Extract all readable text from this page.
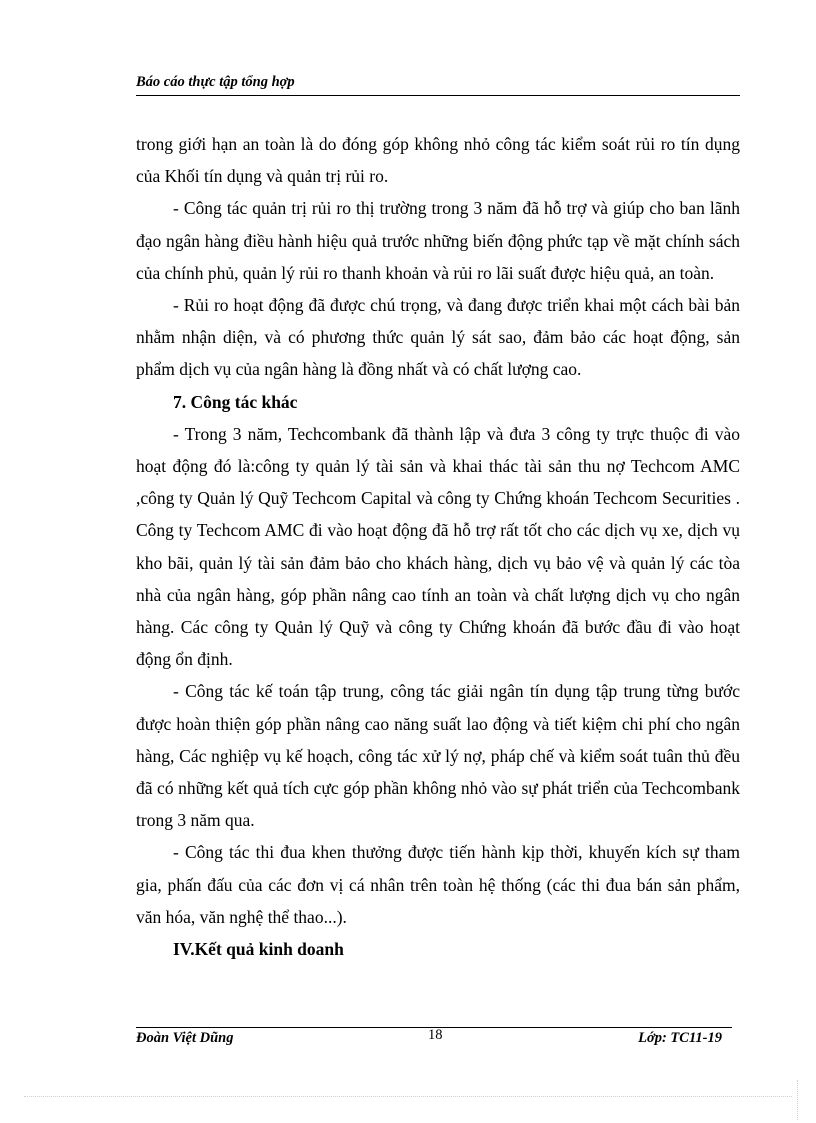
Báo cáo thực tập tổng hợp

trong giới hạn an toàn là do đóng góp không nhỏ công tác kiểm soát rủi ro tín dụng của Khối tín dụng và quản trị rủi ro.

- Công tác quản trị rủi ro thị trường trong 3 năm đã hỗ trợ và giúp cho ban lãnh đạo ngân hàng điều hành hiệu quả trước những biến động phức tạp về mặt chính sách của chính phủ, quản lý rủi ro thanh khoản và rủi ro lãi suất được hiệu quả, an toàn.

- Rủi ro hoạt động đã được chú trọng, và đang được triển khai một cách bài bản nhằm nhận diện, và có phương thức quản lý sát sao, đảm bảo các hoạt động, sản phẩm dịch vụ của ngân hàng là đồng nhất và có chất lượng cao.

7. Công tác khác

- Trong 3 năm, Techcombank đã thành lập và đưa 3 công ty trực thuộc đi vào hoạt động đó là:công ty quản lý tài sản và khai thác tài sản thu nợ Techcom AMC ,công ty Quản lý Quỹ Techcom Capital và công ty Chứng khoán Techcom Securities . Công ty Techcom AMC đi vào hoạt động đã hỗ trợ rất tốt cho các dịch vụ xe, dịch vụ kho bãi, quản lý tài sản đảm bảo cho khách hàng, dịch vụ bảo vệ và quản lý các tòa nhà của ngân hàng, góp phần nâng cao tính an toàn và chất lượng dịch vụ cho ngân hàng. Các công ty Quản lý Quỹ và công ty Chứng khoán đã bước đầu đi vào hoạt động ổn định.

- Công tác kế toán tập trung, công tác giải ngân tín dụng tập trung từng bước được hoàn thiện góp phần nâng cao năng suất lao động và tiết kiệm chi phí cho ngân hàng, Các nghiệp vụ kế hoạch, công tác xử lý nợ, pháp chế và kiểm soát tuân thủ đều đã có những kết quả tích cực góp phần không nhỏ vào sự phát triển của Techcombank trong 3 năm qua.

- Công tác thi đua khen thưởng được tiến hành kịp thời, khuyến kích sự tham gia, phấn đấu của các đơn vị cá nhân trên toàn hệ thống (các thi đua bán sản phẩm, văn hóa, văn nghệ thể thao...).

IV.Kết quả kinh doanh

Đoàn Việt Dũng	18	Lớp: TC11-19
